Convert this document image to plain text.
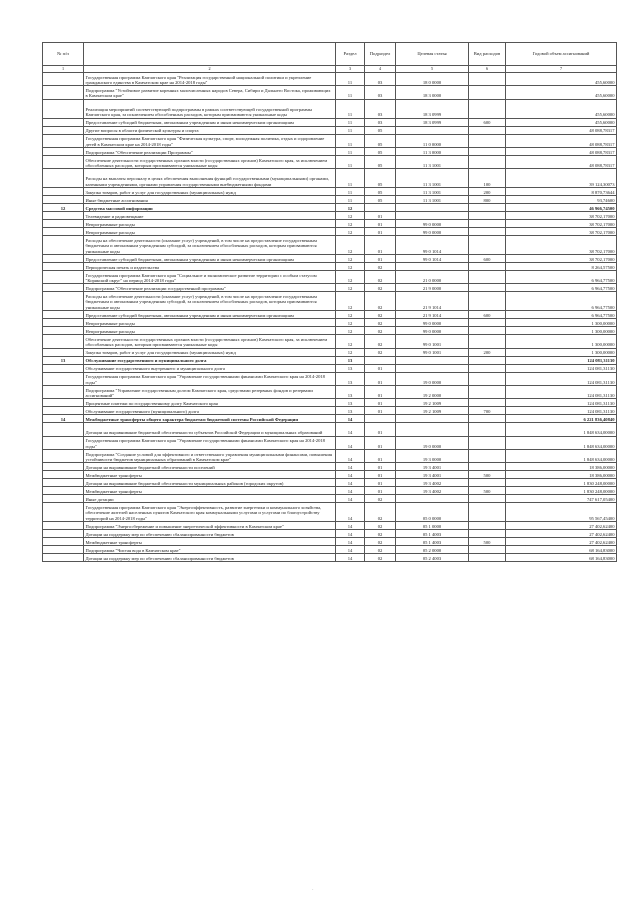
№ п/п		Раздел	Подраздел	Целевая статья	Вид расходов	Годовой объем ассигнований
1	2	3	4	5	6	7
	Государственная программа Камчатского края "Реализация государственной национальной политики и укрепление гражданского единства в Камчатском крае на 2014-2018 годы"	11	03	18 0 0000		455,60000
	Подпрограмма "Устойчивое развитие коренных малочисленных народов Севера, Сибири и Дальнего Востока, проживающих в Камчатском крае"	11	03	18 3 0000		455,60000
	Реализация мероприятий соответствующей подпрограммы в рамках соответствующей государственной программы Камчатского края, за исключением обособленных расходов, которым присваиваются уникальные коды	11	03	18 3 0999		455,60000
	Предоставление субсидий бюджетным, автономным учреждениям и иным некоммерческим организациям	11	03	18 3 0999	600	455,60000
	Другие вопросы в области физической культуры и спорта	11	05			48 088,78317
	Государственная программа Камчатского края "Физическая культура, спорт, молодежная политика, отдых и оздоровление детей в Камчатском крае на 2014-2018 годы"	11	05	11 0 0000		48 088,78317
	Подпрограмма "Обеспечение реализации Программы"	11	05	11 3 0000		48 088,78317
	Обеспечение деятельности государственных органов власти (государственных органов) Камчатского края, за исключением обособленных расходов, которым присваиваются уникальные коды	11	05	11 3 1001		48 088,78317
	Расходы на выплаты персоналу в целях обеспечения выполнения функций государственными (муниципальными) органами, казенными учреждениями, органами управления государственными внебюджетными фондами	11	05	11 3 1001	100	39 124,30073
	Закупка товаров, работ и услуг для государственных (муниципальных) нужд	11	05	11 3 1001	200	8 870,73644
	Иные бюджетные ассигнования	11	05	11 3 1001	800	93,74600
12	Средства массовой информации	12				46 966,74500
	Телевидение и радиовещание	12	01			38 702,17000
	Непрограммные расходы	12	01	99 0 0000		38 702,17000
	Непрограммные расходы	12	01	99 0 0000		38 702,17000
	Расходы на обеспечение деятельности (оказание услуг) учреждений, в том числе на предоставление государственным бюджетным и автономным учреждениям субсидий, за исключением обособленных расходов, которым присваиваются уникальные коды	12	01	99 0 1014		38 702,17000
	Предоставление субсидий бюджетным, автономным учреждениям и иным некоммерческим организациям	12	01	99 0 1014	600	38 702,17000
	Периодическая печать и издательства	12	02			8 264,57500
	Государственная программа Камчатского края "Социальное и экономическое развитие территории с особым статусом "Корякский округ" на период 2014-2018 годы"	12	02	21 0 0000		6 964,77500
	Подпрограмма "Обеспечение реализации государственной программы"	12	02	21 9 0000		6 964,77500
	Расходы на обеспечение деятельности (оказание услуг) учреждений, в том числе на предоставление государственным бюджетным и автономным учреждениям субсидий, за исключением обособленных расходов, которым присваиваются уникальные коды	12	02	21 9 1014		6 964,77500
	Предоставление субсидий бюджетным, автономным учреждениям и иным некоммерческим организациям	12	02	21 9 1014	600	6 964,77500
	Непрограммные расходы	12	02	99 0 0000		1 300,00000
	Непрограммные расходы	12	02	99 0 0000		1 300,00000
	Обеспечение деятельности государственных органов власти (государственных органов) Камчатского края, за исключением обособленных расходов, которым присваиваются уникальные коды	12	02	99 0 1001		1 300,00000
	Закупка товаров, работ и услуг для государственных (муниципальных) нужд	12	02	99 0 1001	200	1 300,00000
13	Обслуживание государственного и муниципального долга	13				124 081,31130
	Обслуживание государственного внутреннего и муниципального долга	13	01			124 081,31130
	Государственная программа Камчатского края "Управление государственными финансами Камчатского края на 2014-2018 годы"	13	01	19 0 0000		124 081,31130
	Подпрограмма "Управление государственным долгом Камчатского края, средствами резервных фондов и резервами ассигнований"	13	01	19 2 0000		124 081,31130
	Процентные платежи по государственному долгу Камчатского края	13	01	19 2 1009		124 081,31130
	Обслуживание государственного (муниципального) долга	13	01	19 2 1009	700	124 081,31130
14	Межбюджетные трансферты общего характера бюджетам бюджетной системы Российской Федерации	14				6 221 836,40840
	Дотации на выравнивание бюджетной обеспеченности субъектов Российской Федерации и муниципальных образований	14	01			1 848 634,00000
	Государственная программа Камчатского края "Управление государственными финансами Камчатского края на 2014-2018 годы"	14	01	19 0 0000		1 848 634,00000
	Подпрограмма "Создание условий для эффективного и ответственного управления муниципальными финансами, повышения устойчивости бюджетов муниципальных образований в Камчатском крае"	14	01	19 3 0000		1 848 634,00000
	Дотации на выравнивание бюджетной обеспеченности поселений	14	01	19 3 4001		18 386,00000
	Межбюджетные трансферты	14	01	19 3 4001	500	18 386,00000
	Дотации на выравнивание бюджетной обеспеченности муниципальных районов (городских округов)	14	01	19 3 4002		1 830 248,00000
	Межбюджетные трансферты	14	01	19 3 4002	500	1 830 248,00000
	Иные дотации	14	02			747 617,05400
	Государственная программа Камчатского края "Энергоэффективность, развитие энергетики и коммунального хозяйства, обеспечение жителей населенных пунктов Камчатского края коммунальными услугами и услугами по благоустройству территорий на 2014-2018 годы"	14	02	05 0 0000		95 567,45400
	Подпрограмма "Энергосбережение и повышение энергетической эффективности в Камчатском крае"	14	02	05 1 0000		27 402,62400
	Дотации на поддержку мер по обеспечению сбалансированности бюджетов	14	02	05 1 4003		27 402,62400
	Межбюджетные трансферты	14	02	05 1 4003	500	27 402,62400
	Подпрограмма "Чистая вода в Камчатском крае"	14	02	05 2 0000		68 164,83000
	Дотации на поддержку мер по обеспечению сбалансированности бюджетов	14	02	05 2 4003		68 164,83000
·
